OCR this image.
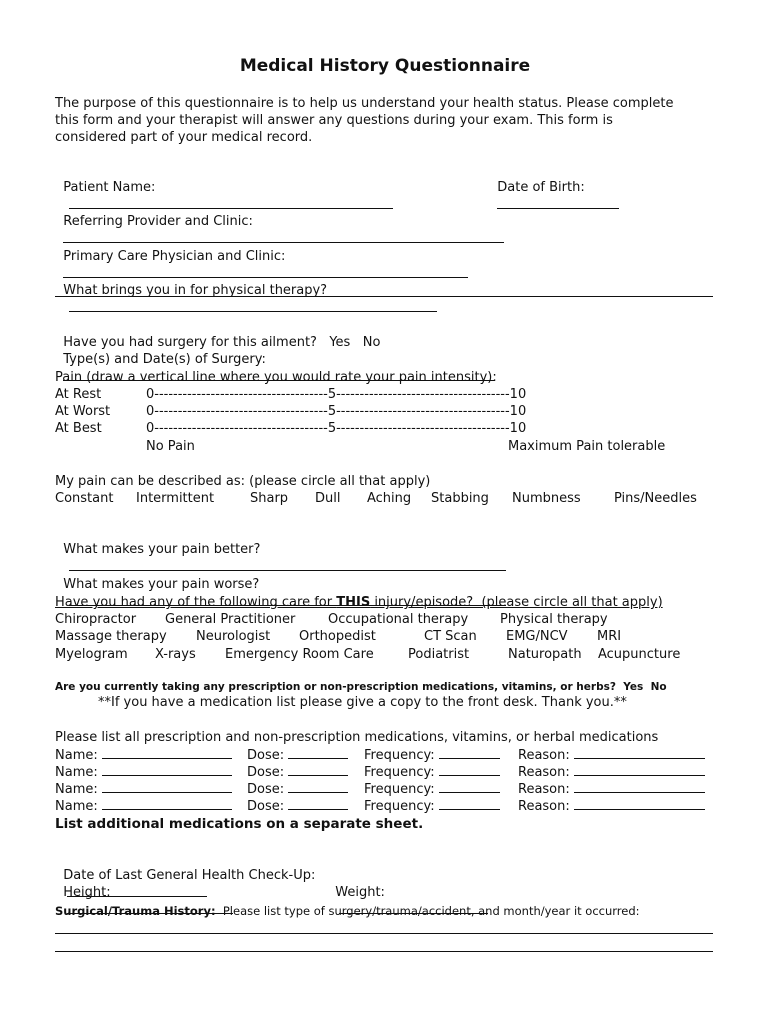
Medical History Questionnaire
The purpose of this questionnaire is to help us understand your health status. Please complete
this form and your therapist will answer any questions during your exam. This form is
considered part of your medical record.

Patient Name:
	Date of Birth:

Referring Provider and Clinic:

Primary Care Physician and Clinic:

What brings you in for physical therapy?

Have you had surgery for this ailment? Yes No

Type(s) and Date(s) of Surgery:

Pain (draw a vertical line where you would rate your pain intensity):
At Rest	0-------------------------------------5-------------------------------------10
At Worst	0-------------------------------------5-------------------------------------10
At Best	0-------------------------------------5-------------------------------------10
No Pain	Maximum Pain tolerable
My pain can be described as: (please circle all that apply)
Constant Intermittent	Sharp Dull Aching Stabbing Numbness	Pins/Needles

What makes your pain better?

What makes your pain worse?

Have you had any of the following care for THIS injury/episode?  (please circle all that apply)
Chiropractor General Practitioner	Occupational therapy Physical therapy
Massage therapy Neurologist Orthopedist	CT Scan EMG/NCV MRI
Myelogram X-rays Emergency Room Care	Podiatrist	Naturopath Acupuncture
Are you currently taking any prescription or non-prescription medications, vitamins, or herbs? Yes No
**If you have a medication list please give a copy to the front desk. Thank you.**
Please list all prescription and non-prescription medications, vitamins, or herbal medications
Name:	Dose:	Frequency:	Reason:
Name:	Dose:	Frequency:	Reason:
Name:	Dose:	Frequency:	Reason:
Name:	Dose:	Frequency:	Reason:
List additional medications on a separate sheet.

Date of Last General Health Check-Up:

Height:
	Weight:

Surgical/Trauma History: Please list type of surgery/trauma/accident, and month/year it occurred:
